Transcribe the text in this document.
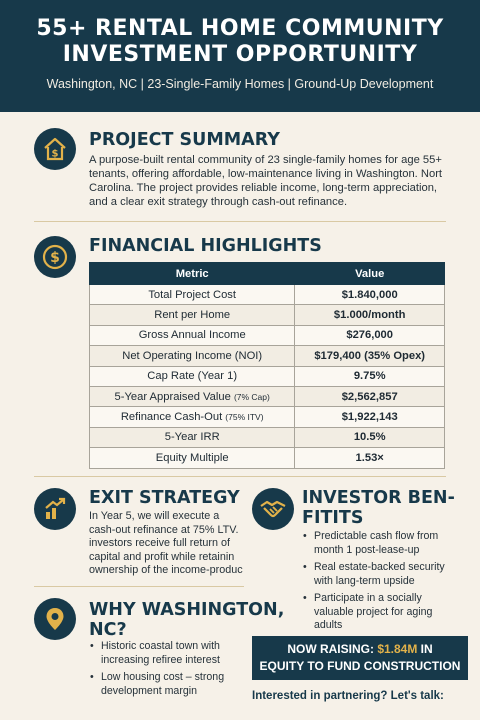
55+ RENTAL HOME COMMUNITY
INVESTMENT OPPORTUNITY
Washington, NC | 23-Single-Family Homes | Ground-Up Development
$
PROJECT SUMMARY
A purpose-built rental community of 23 single-family homes for age 55+ tenants, offering affordable, low-maintenance living in Washington. Nort Carolina. The project provides reliable income, long-term appreciation, and a clear exit strategy through cash-out refinance.
$
FINANCIAL HIGHLIGHTS
Metric	Value
Total Project Cost	$1.840,000
Rent per Home	$1.000/month
Gross Annual Income	$276,000
Net Operating Income (NOI)	$179,400 (35% Opex)
Cap Rate (Year 1)	9.75%
5-Year Appraised Value (7% Cap)	$2,562,857
Refinance Cash-Out (75% ITV)	$1,922,143
5-Year IRR	10.5%
Equity Multiple	1.53×
EXIT STRATEGY
In Year 5, we will execute a cash-out refinance at 75% LTV. investors receive full return of capital and profit while retainin ownership of the income-produc
WHY WASHINGTON,
NC?
• Historic coastal town with increasing refiree interest
• Low housing cost – strong development margin
INVESTOR BEN-
FITITS
• Predictable cash flow from month 1 post-lease-up
• Real estate-backed security with lang-term upside
• Participate in a socially valuable project for aging adults
NOW RAISING: $1.84M IN
EQUITY TO FUND CONSTRUCTION
Interested in partnering? Let's talk:
